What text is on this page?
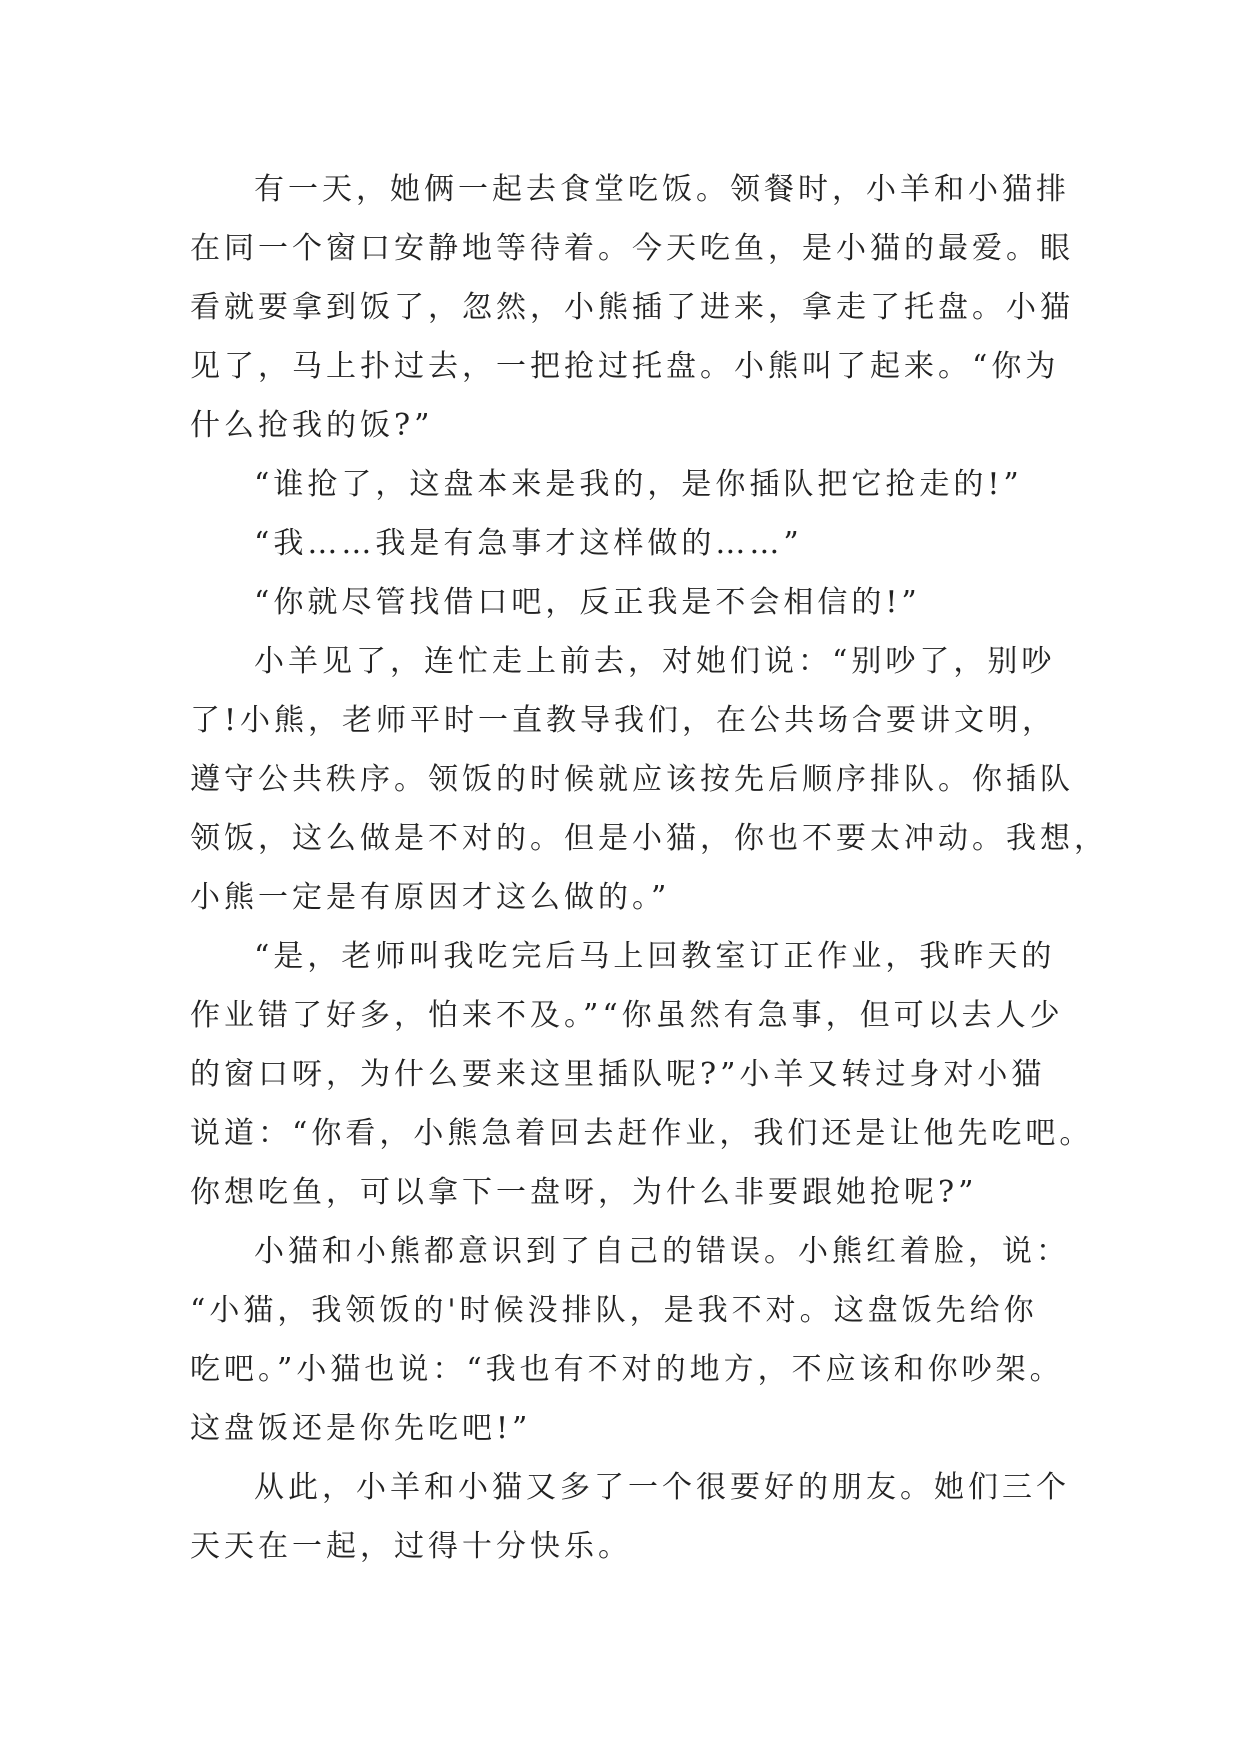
有一天，她俩一起去食堂吃饭。领餐时，小羊和小猫排
在同一个窗口安静地等待着。今天吃鱼，是小猫的最爱。眼
看就要拿到饭了，忽然，小熊插了进来，拿走了托盘。小猫
见了，马上扑过去，一把抢过托盘。小熊叫了起来。“你为
什么抢我的饭?”
“谁抢了，这盘本来是我的，是你插队把它抢走的!”
“我……我是有急事才这样做的……”
“你就尽管找借口吧，反正我是不会相信的!”
小羊见了，连忙走上前去，对她们说：“别吵了，别吵
了!小熊，老师平时一直教导我们，在公共场合要讲文明，
遵守公共秩序。领饭的时候就应该按先后顺序排队。你插队
领饭，这么做是不对的。但是小猫，你也不要太冲动。我想，
小熊一定是有原因才这么做的。”
“是，老师叫我吃完后马上回教室订正作业，我昨天的
作业错了好多，怕来不及。”“你虽然有急事，但可以去人少
的窗口呀，为什么要来这里插队呢?”小羊又转过身对小猫
说道：“你看，小熊急着回去赶作业，我们还是让他先吃吧。
你想吃鱼，可以拿下一盘呀，为什么非要跟她抢呢?”
小猫和小熊都意识到了自己的错误。小熊红着脸，说：
“小猫，我领饭的'时候没排队，是我不对。这盘饭先给你
吃吧。”小猫也说：“我也有不对的地方，不应该和你吵架。
这盘饭还是你先吃吧!”
从此，小羊和小猫又多了一个很要好的朋友。她们三个
天天在一起，过得十分快乐。
